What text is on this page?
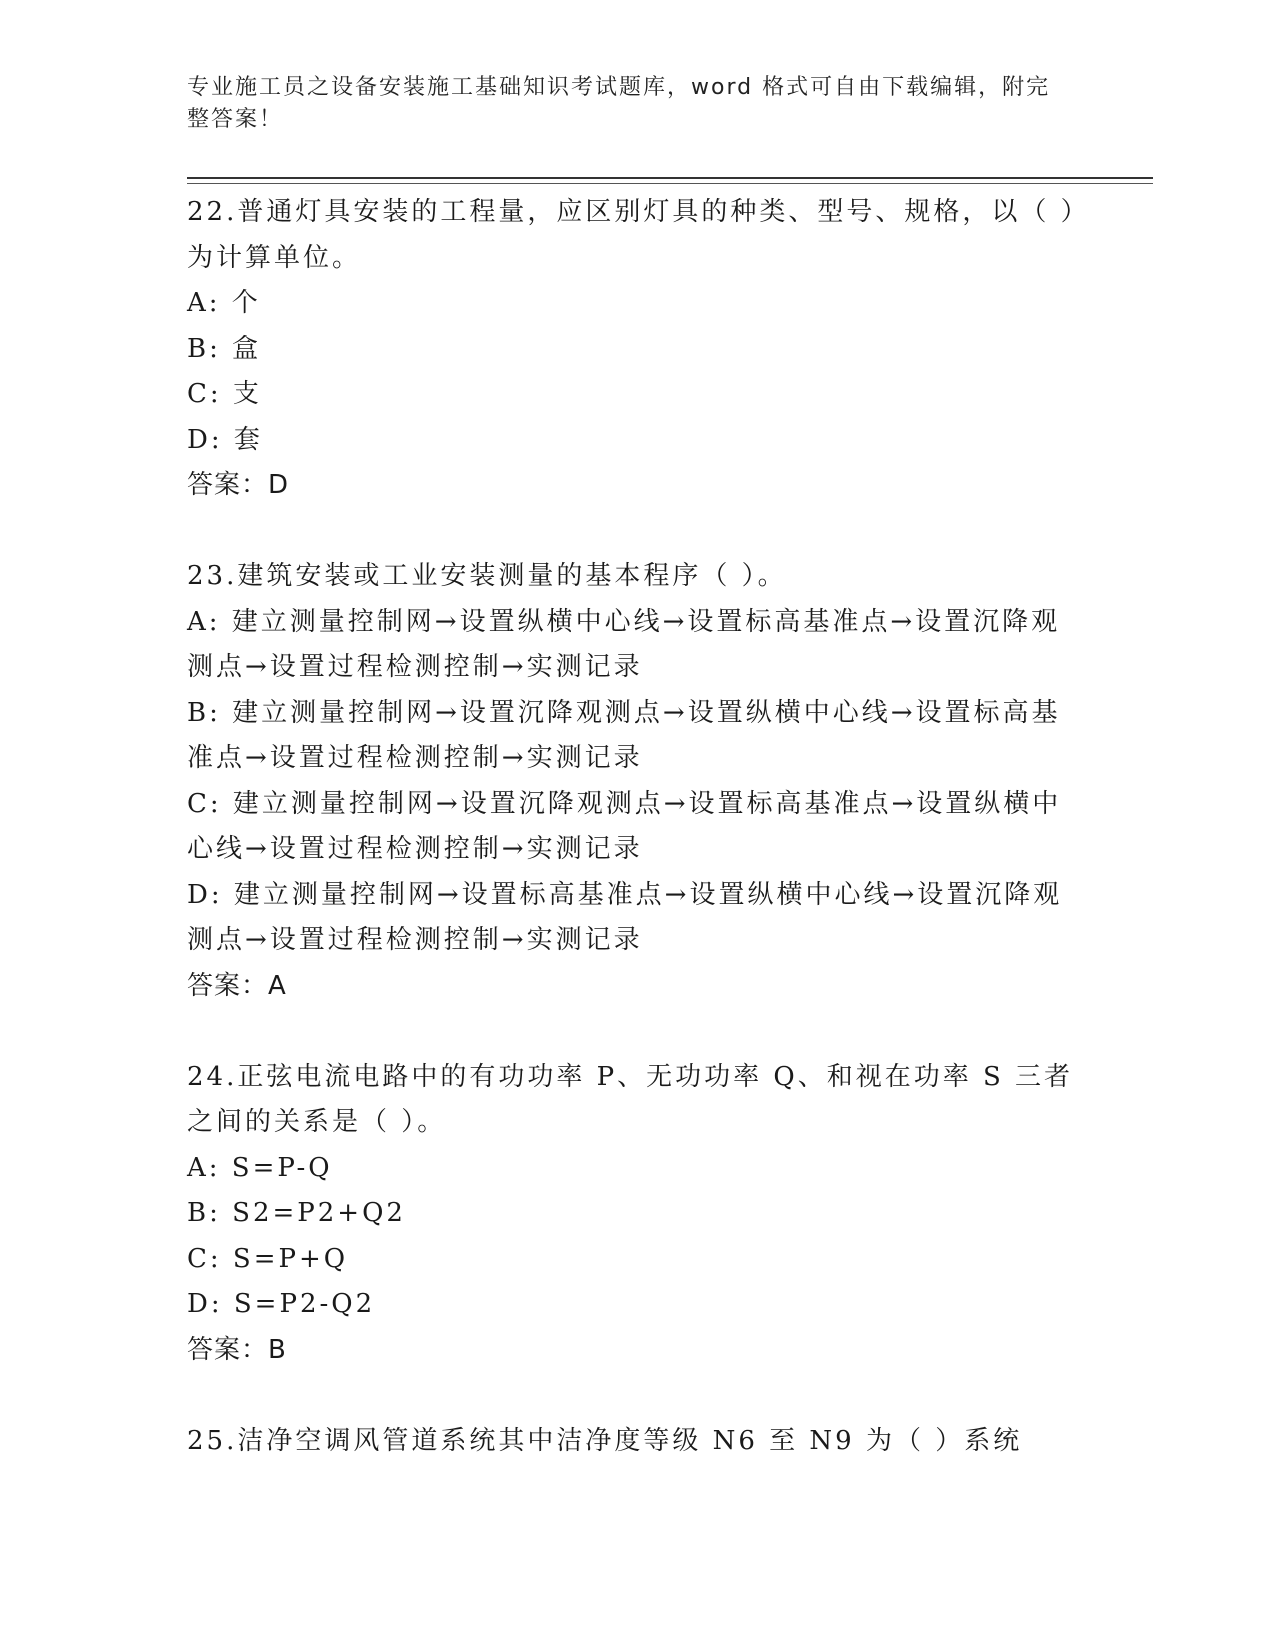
专业施工员之设备安装施工基础知识考试题库，word 格式可自由下载编辑，附完
整答案！

22.普通灯具安装的工程量，应区别灯具的种类、型号、规格，以（ ）为计算单位。

A: 个

B: 盒

C: 支

D: 套

答案：D

23.建筑安装或工业安装测量的基本程序（ ）。

A: 建立测量控制网→设置纵横中心线→设置标高基准点→设置沉降观测点→设置过程检测控制→实测记录

B: 建立测量控制网→设置沉降观测点→设置纵横中心线→设置标高基准点→设置过程检测控制→实测记录

C: 建立测量控制网→设置沉降观测点→设置标高基准点→设置纵横中心线→设置过程检测控制→实测记录

D: 建立测量控制网→设置标高基准点→设置纵横中心线→设置沉降观测点→设置过程检测控制→实测记录

答案：A

24.正弦电流电路中的有功功率 P、无功功率 Q、和视在功率 S 三者之间的关系是（ ）。

A: S=P-Q

B: S2=P2+Q2

C: S=P+Q

D: S=P2-Q2

答案：B

25.洁净空调风管道系统其中洁净度等级 N6 至 N9 为（ ）系统
